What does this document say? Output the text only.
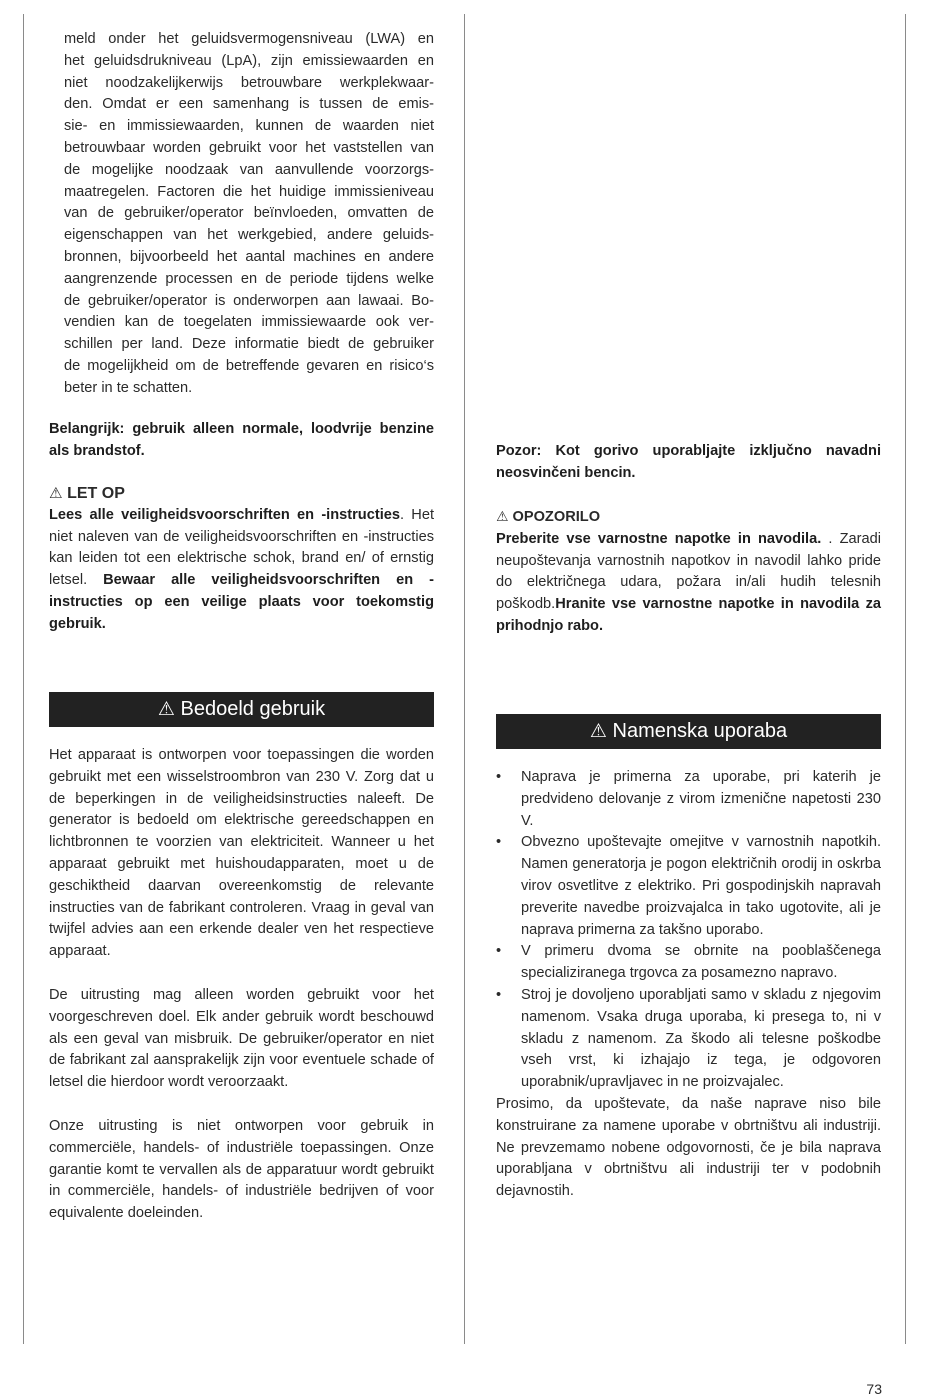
meld onder het geluidsvermogensniveau (LWA) en
het geluidsdrukniveau (LpA), zijn emissiewaarden en
niet noodzakelijkerwijs betrouwbare werkplekwaar-
den. Omdat er een samenhang is tussen de emis-
sie- en immissiewaarden, kunnen de waarden niet
betrouwbaar worden gebruikt voor het vaststellen van
de mogelijke noodzaak van aanvullende voorzorgs-
maatregelen. Factoren die het huidige immissieniveau
van de gebruiker/operator beïnvloeden, omvatten de
eigenschappen van het werkgebied, andere geluids-
bronnen, bijvoorbeeld het aantal machines en andere
aangrenzende processen en de periode tijdens welke
de gebruiker/operator is onderworpen aan lawaai. Bo-
vendien kan de toegelaten immissiewaarde ook ver-
schillen per land. Deze informatie biedt de gebruiker
de mogelijkheid om de betreffende gevaren en risico‘s
beter in te schatten.

Belangrijk: gebruik alleen normale, loodvrije benzine als brandstof.

⚠ LET OP

Lees alle veiligheidsvoorschriften en -instructies. Het niet naleven van de veiligheidsvoorschriften en -instructies kan leiden tot een elektrische schok, brand en/ of ernstig letsel. Bewaar alle veiligheidsvoorschriften en -instructies op een veilige plaats voor toekomstig gebruik.

⚠ Bedoeld gebruik

Het apparaat is ontworpen voor toepassingen die worden gebruikt met een wisselstroombron van 230 V. Zorg dat u de beperkingen in de veiligheidsinstructies naleeft. De generator is bedoeld om elektrische gereedschappen en lichtbronnen te voorzien van elektriciteit. Wanneer u het apparaat gebruikt met huishoudapparaten, moet u de geschiktheid daarvan overeenkomstig de relevante instructies van de fabrikant controleren. Vraag in geval van twijfel advies aan een erkende dealer ven het respectieve apparaat.

De uitrusting mag alleen worden gebruikt voor het voorgeschreven doel. Elk ander gebruik wordt beschouwd als een geval van misbruik. De gebruiker/operator en niet de fabrikant zal aansprakelijk zijn voor eventuele schade of letsel die hierdoor wordt veroorzaakt.

Onze uitrusting is niet ontworpen voor gebruik in commerciële, handels- of industriële toepassingen. Onze garantie komt te vervallen als de apparatuur wordt gebruikt in commerciële, handels- of industriële bedrijven of voor equivalente doeleinden.

Pozor: Kot gorivo uporabljajte izključno navadni neosvinčeni bencin.

⚠ OPOZORILO

Preberite vse varnostne napotke in navodila. . Zaradi neupoštevanja varnostnih napotkov in navodil lahko pride do električnega udara, požara in/ali hudih telesnih poškodb.Hranite vse varnostne napotke in navodila za prihodnjo rabo.

⚠ Namenska uporaba
• Naprava je primerna za uporabe, pri katerih je predvideno delovanje z virom izmenične napetosti 230 V.
• Obvezno upoštevajte omejitve v varnostnih napotkih. Namen generatorja je pogon električnih orodij in oskrba virov osvetlitve z elektriko. Pri gospodinjskih napravah preverite navedbe proizvajalca in tako ugotovite, ali je naprava primerna za takšno uporabo.
• V primeru dvoma se obrnite na pooblaščenega specializiranega trgovca za posamezno napravo.
• Stroj je dovoljeno uporabljati samo v skladu z njegovim namenom. Vsaka druga uporaba, ki presega to, ni v skladu z namenom. Za škodo ali telesne poškodbe vseh vrst, ki izhajajo iz tega, je odgovoren uporabnik/upravljavec in ne proizvajalec.

Prosimo, da upoštevate, da naše naprave niso bile konstruirane za namene uporabe v obrtništvu ali industriji. Ne prevzemamo nobene odgovornosti, če je bila naprava uporabljana v obrtništvu ali industriji ter v podobnih dejavnostih.

73
